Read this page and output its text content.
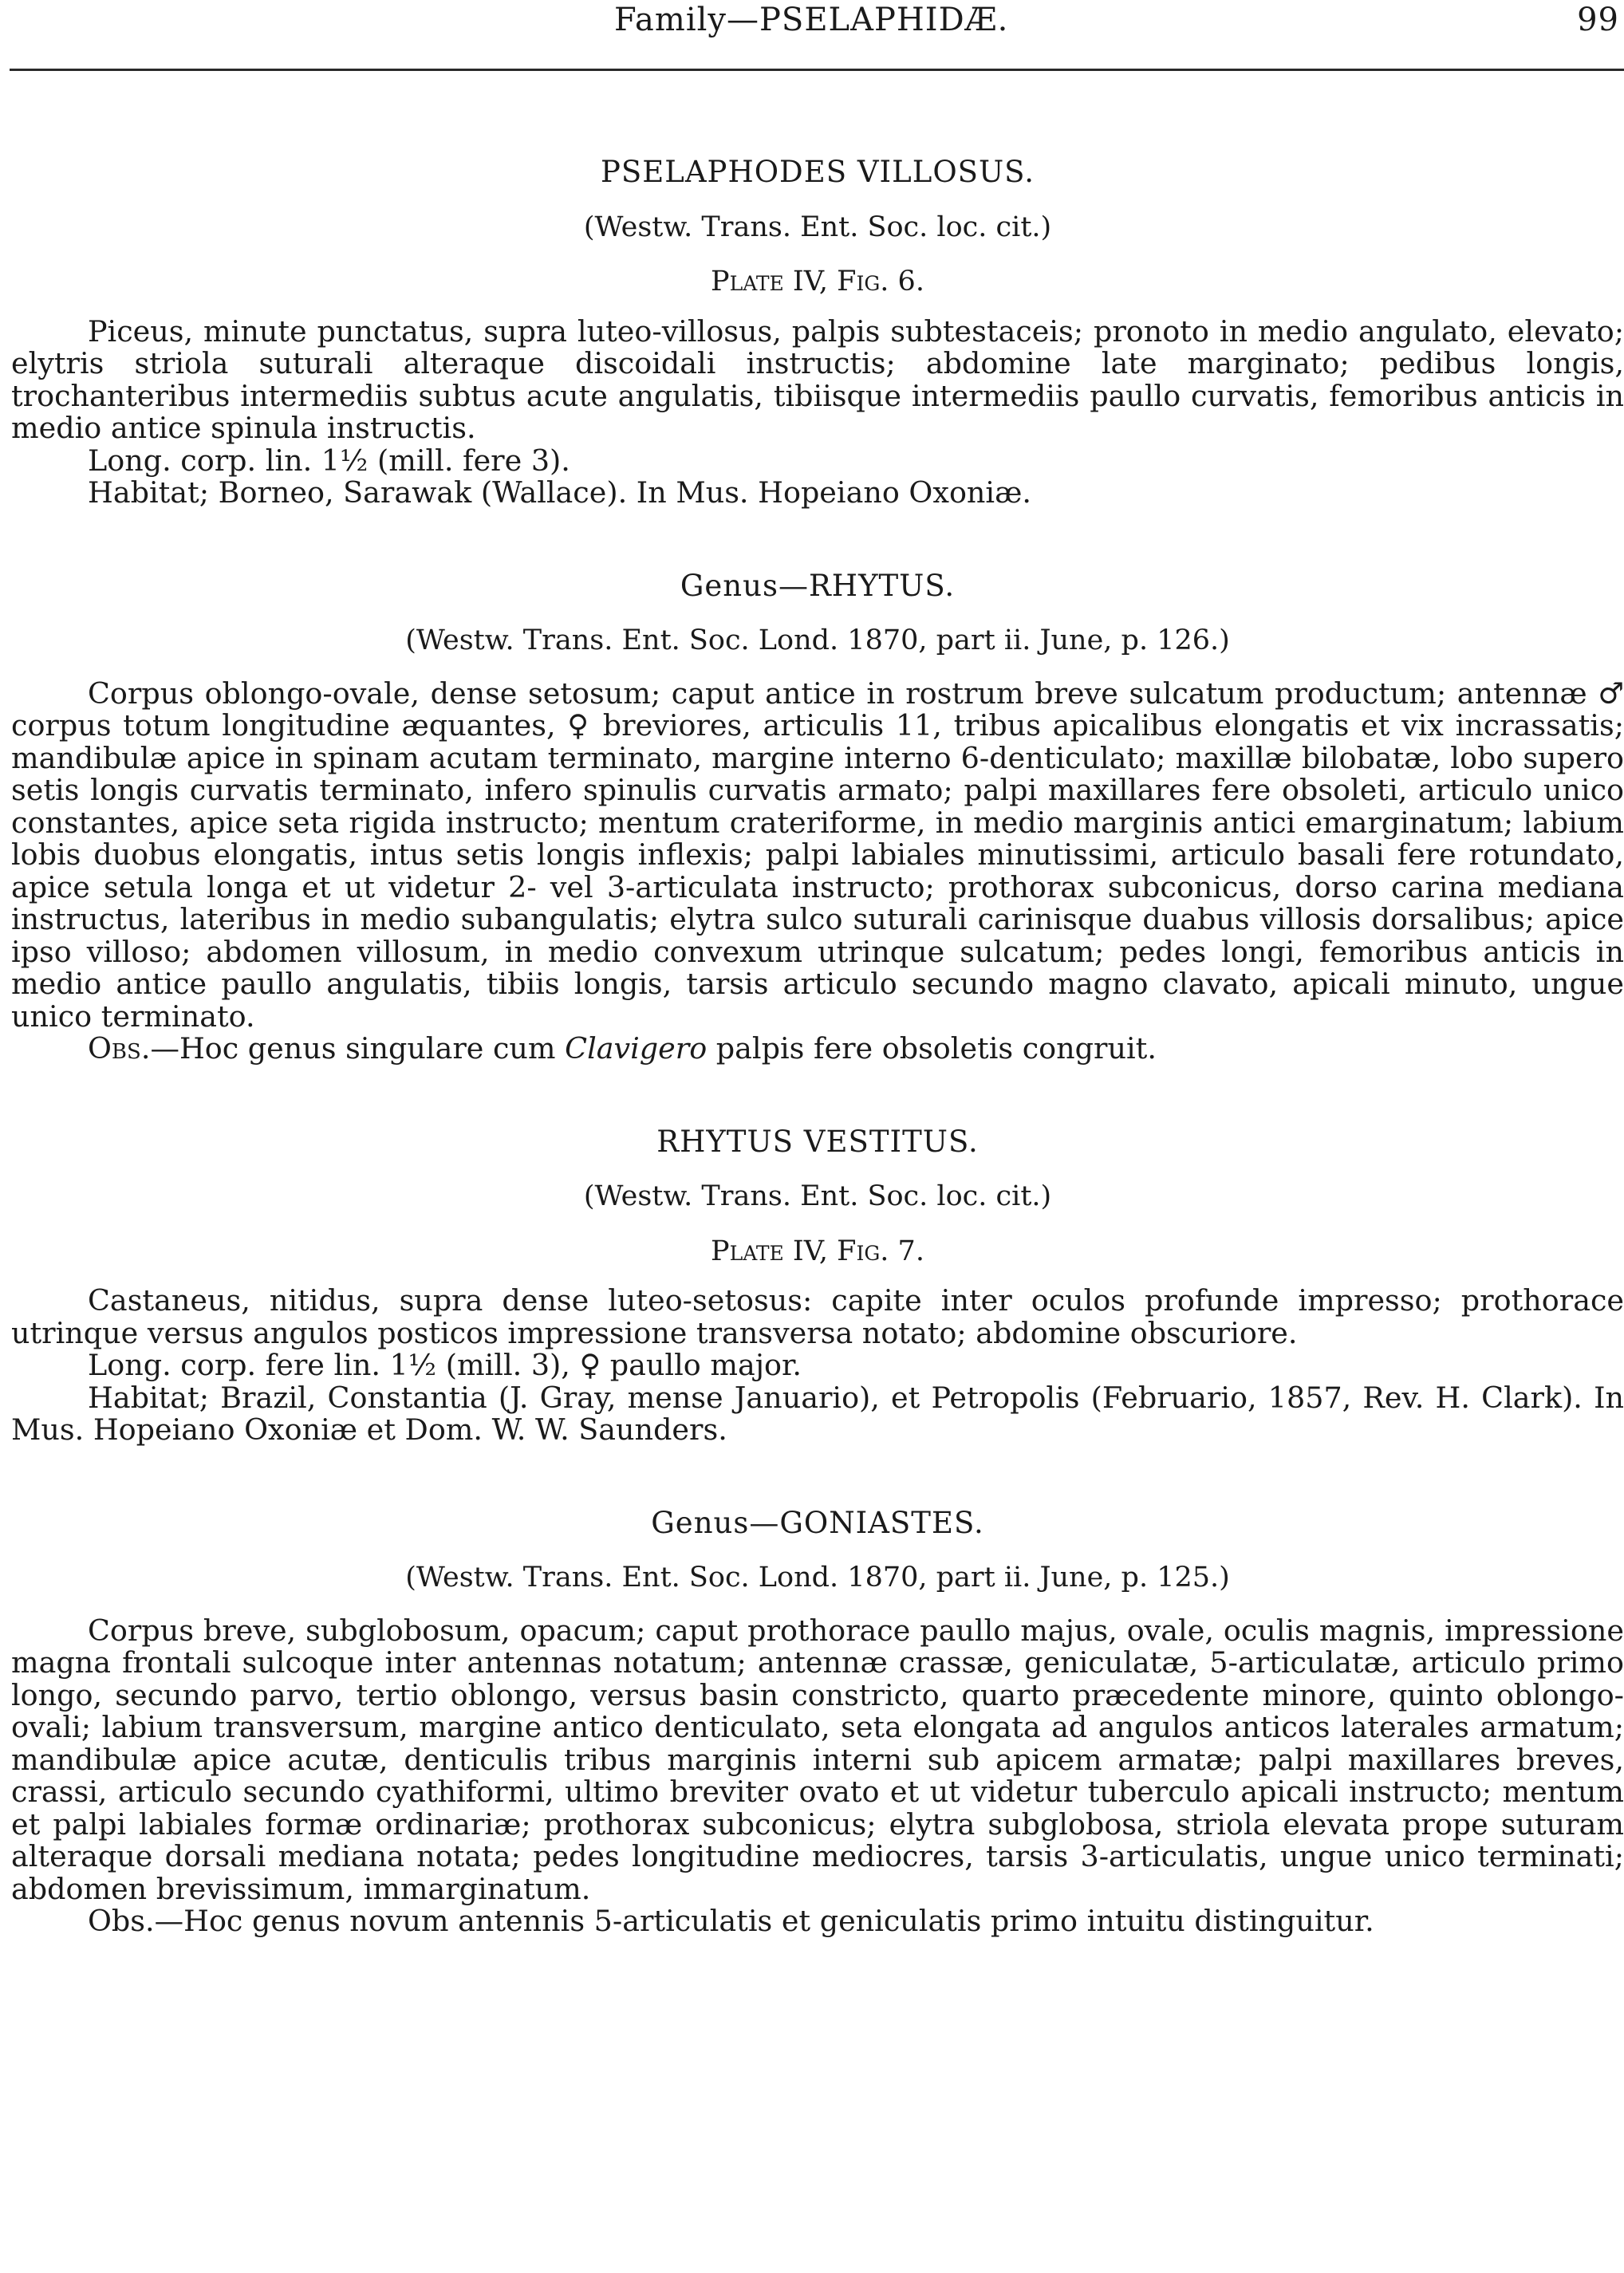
Family—PSELAPHIDÆ.	99

PSELAPHODES VILLOSUS.

(Westw. Trans. Ent. Soc. loc. cit.)

Plate IV, Fig. 6.

Piceus, minute punctatus, supra luteo-villosus, palpis subtestaceis; pronoto in medio angulato, elevato; elytris striola suturali alteraque discoidali instructis; abdomine late marginato; pedibus longis, trochanteribus intermediis subtus acute angulatis, tibiisque intermediis paullo curvatis, femoribus anticis in medio antice spinula instructis.

Long. corp. lin. 1½ (mill. fere 3).

Habitat; Borneo, Sarawak (Wallace). In Mus. Hopeiano Oxoniæ.

Genus—RHYTUS.

(Westw. Trans. Ent. Soc. Lond. 1870, part ii. June, p. 126.)

Corpus oblongo-ovale, dense setosum; caput antice in rostrum breve sulcatum productum; antennæ ♂ corpus totum longitudine æquantes, ♀ breviores, articulis 11, tribus apicalibus elongatis et vix incrassatis; mandibulæ apice in spinam acutam terminato, margine interno 6-denticulato; maxillæ bilobatæ, lobo supero setis longis curvatis terminato, infero spinulis curvatis armato; palpi maxillares fere obsoleti, articulo unico constantes, apice seta rigida instructo; mentum crateriforme, in medio marginis antici emarginatum; labium lobis duobus elongatis, intus setis longis inflexis; palpi labiales minutissimi, articulo basali fere rotundato, apice setula longa et ut videtur 2- vel 3-articulata instructo; prothorax subconicus, dorso carina mediana instructus, lateribus in medio subangulatis; elytra sulco suturali carinisque duabus villosis dorsalibus; apice ipso villoso; abdomen villosum, in medio convexum utrinque sulcatum; pedes longi, femoribus anticis in medio antice paullo angulatis, tibiis longis, tarsis articulo secundo magno clavato, apicali minuto, ungue unico terminato.

Obs.—Hoc genus singulare cum Clavigero palpis fere obsoletis congruit.

RHYTUS VESTITUS.

(Westw. Trans. Ent. Soc. loc. cit.)

Plate IV, Fig. 7.

Castaneus, nitidus, supra dense luteo-setosus: capite inter oculos profunde impresso; prothorace utrinque versus angulos posticos impressione transversa notato; abdomine obscuriore.

Long. corp. fere lin. 1½ (mill. 3), ♀ paullo major.

Habitat; Brazil, Constantia (J. Gray, mense Januario), et Petropolis (Februario, 1857, Rev. H. Clark). In Mus. Hopeiano Oxoniæ et Dom. W. W. Saunders.

Genus—GONIASTES.

(Westw. Trans. Ent. Soc. Lond. 1870, part ii. June, p. 125.)

Corpus breve, subglobosum, opacum; caput prothorace paullo majus, ovale, oculis magnis, impressione magna frontali sulcoque inter antennas notatum; antennæ crassæ, geniculatæ, 5-articulatæ, articulo primo longo, secundo parvo, tertio oblongo, versus basin constricto, quarto præcedente minore, quinto oblongo-ovali; labium transversum, margine antico denticulato, seta elongata ad angulos anticos laterales armatum; mandibulæ apice acutæ, denticulis tribus marginis interni sub apicem armatæ; palpi maxillares breves, crassi, articulo secundo cyathiformi, ultimo breviter ovato et ut videtur tuberculo apicali instructo; mentum et palpi labiales formæ ordinariæ; prothorax subconicus; elytra subglobosa, striola elevata prope suturam alteraque dorsali mediana notata; pedes longitudine mediocres, tarsis 3-articulatis, ungue unico terminati; abdomen brevissimum, immarginatum.

Obs.—Hoc genus novum antennis 5-articulatis et geniculatis primo intuitu distinguitur.
